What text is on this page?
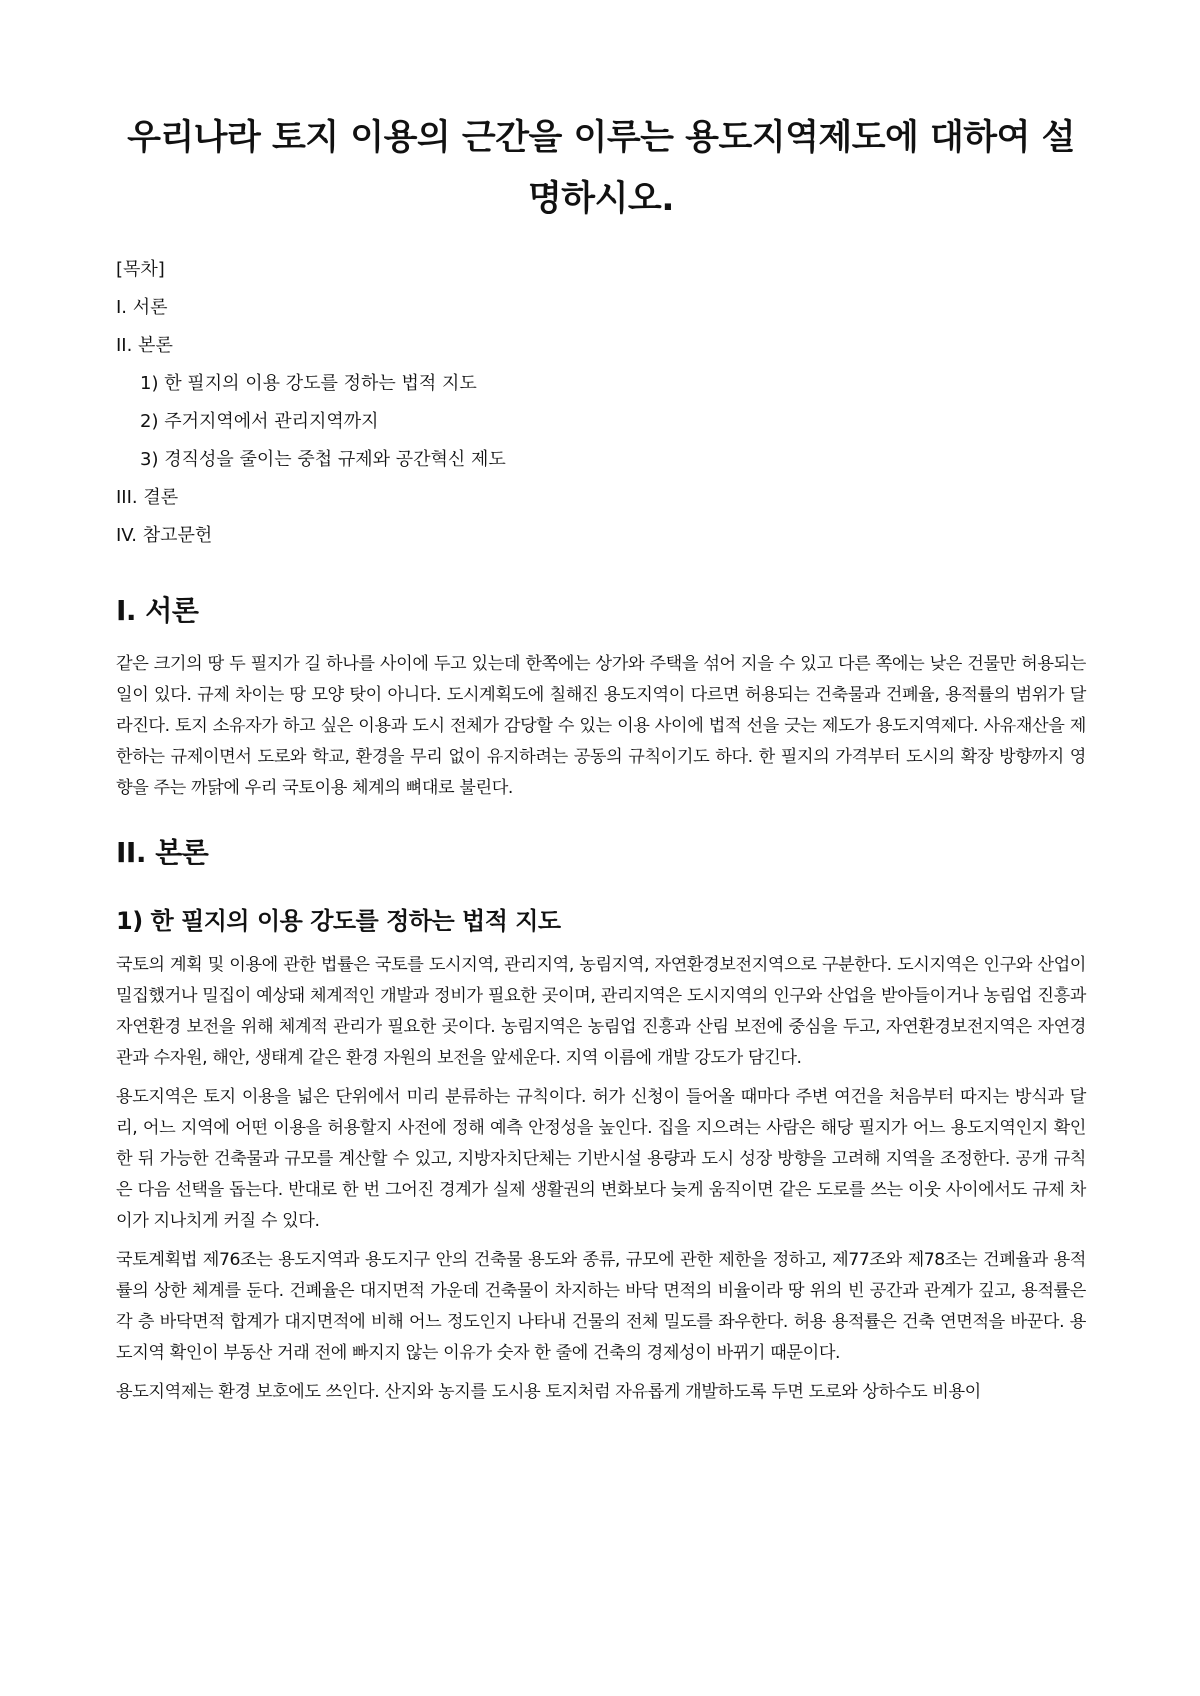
우리나라 토지 이용의 근간을 이루는 용도지역제도에 대하여 설명하시오.
[목차]
I. 서론
II. 본론
1) 한 필지의 이용 강도를 정하는 법적 지도
2) 주거지역에서 관리지역까지
3) 경직성을 줄이는 중첩 규제와 공간혁신 제도
III. 결론
IV. 참고문헌
I. 서론

같은 크기의 땅 두 필지가 길 하나를 사이에 두고 있는데 한쪽에는 상가와 주택을 섞어 지을 수 있고 다른 쪽에는 낮은 건물만 허용되는 일이 있다. 규제 차이는 땅 모양 탓이 아니다. 도시계획도에 칠해진 용도지역이 다르면 허용되는 건축물과 건폐율, 용적률의 범위가 달라진다. 토지 소유자가 하고 싶은 이용과 도시 전체가 감당할 수 있는 이용 사이에 법적 선을 긋는 제도가 용도지역제다. 사유재산을 제한하는 규제이면서 도로와 학교, 환경을 무리 없이 유지하려는 공동의 규칙이기도 하다. 한 필지의 가격부터 도시의 확장 방향까지 영향을 주는 까닭에 우리 국토이용 체계의 뼈대로 불린다.

II. 본론
1) 한 필지의 이용 강도를 정하는 법적 지도

국토의 계획 및 이용에 관한 법률은 국토를 도시지역, 관리지역, 농림지역, 자연환경보전지역으로 구분한다. 도시지역은 인구와 산업이 밀집했거나 밀집이 예상돼 체계적인 개발과 정비가 필요한 곳이며, 관리지역은 도시지역의 인구와 산업을 받아들이거나 농림업 진흥과 자연환경 보전을 위해 체계적 관리가 필요한 곳이다. 농림지역은 농림업 진흥과 산림 보전에 중심을 두고, 자연환경보전지역은 자연경관과 수자원, 해안, 생태계 같은 환경 자원의 보전을 앞세운다. 지역 이름에 개발 강도가 담긴다.

용도지역은 토지 이용을 넓은 단위에서 미리 분류하는 규칙이다. 허가 신청이 들어올 때마다 주변 여건을 처음부터 따지는 방식과 달리, 어느 지역에 어떤 이용을 허용할지 사전에 정해 예측 안정성을 높인다. 집을 지으려는 사람은 해당 필지가 어느 용도지역인지 확인한 뒤 가능한 건축물과 규모를 계산할 수 있고, 지방자치단체는 기반시설 용량과 도시 성장 방향을 고려해 지역을 조정한다. 공개 규칙은 다음 선택을 돕는다. 반대로 한 번 그어진 경계가 실제 생활권의 변화보다 늦게 움직이면 같은 도로를 쓰는 이웃 사이에서도 규제 차이가 지나치게 커질 수 있다.

국토계획법 제76조는 용도지역과 용도지구 안의 건축물 용도와 종류, 규모에 관한 제한을 정하고, 제77조와 제78조는 건폐율과 용적률의 상한 체계를 둔다. 건폐율은 대지면적 가운데 건축물이 차지하는 바닥 면적의 비율이라 땅 위의 빈 공간과 관계가 깊고, 용적률은 각 층 바닥면적 합계가 대지면적에 비해 어느 정도인지 나타내 건물의 전체 밀도를 좌우한다. 허용 용적률은 건축 연면적을 바꾼다. 용도지역 확인이 부동산 거래 전에 빠지지 않는 이유가 숫자 한 줄에 건축의 경제성이 바뀌기 때문이다.

용도지역제는 환경 보호에도 쓰인다. 산지와 농지를 도시용 토지처럼 자유롭게 개발하도록 두면 도로와 상하수도 비용이
